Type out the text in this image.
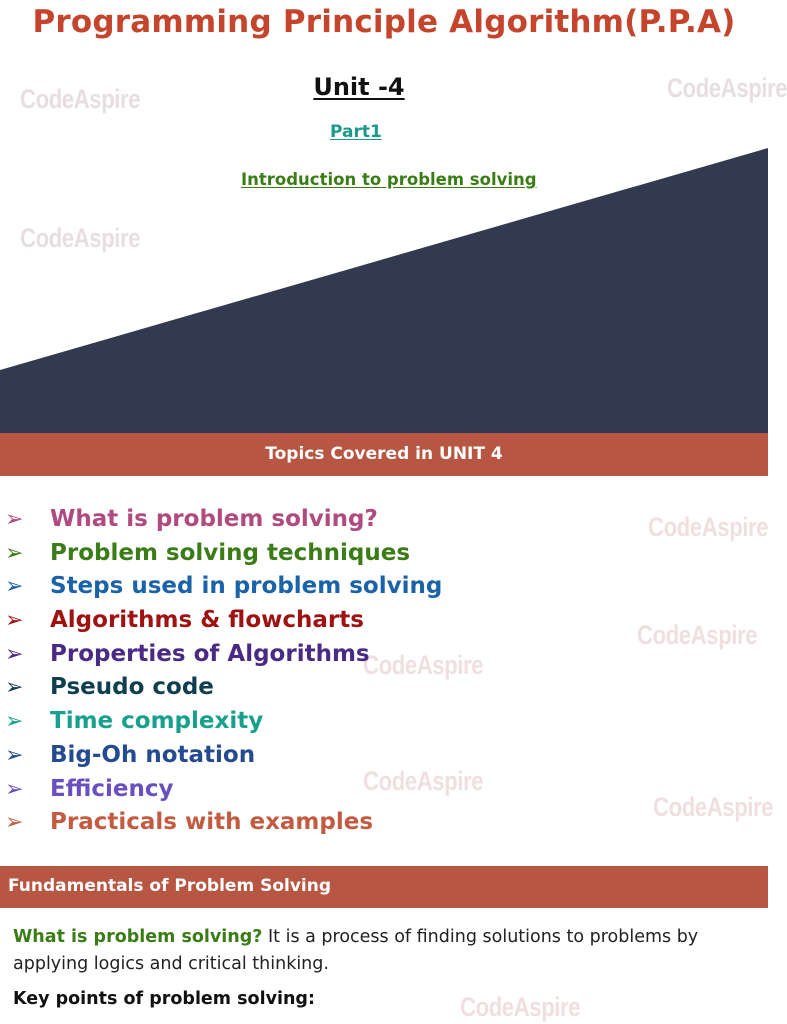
Programming Principle Algorithm(P.P.A)
Unit -4
Part1
Introduction to problem solving
CodeAspire
CodeAspire
CodeAspire
CodeAspire
CodeAspire
CodeAspire
CodeAspire
CodeAspire
CodeAspire
Topics Covered in UNIT 4
➢ What is problem solving?
➢ Problem solving techniques
➢ Steps used in problem solving
➢ Algorithms & flowcharts
➢ Properties of Algorithms
➢ Pseudo code
➢ Time complexity
➢ Big-Oh notation
➢ Efficiency
➢ Practicals with examples
Fundamentals of Problem Solving

What is problem solving? It is a process of finding solutions to problems by applying logics and critical thinking.

Key points of problem solving:
